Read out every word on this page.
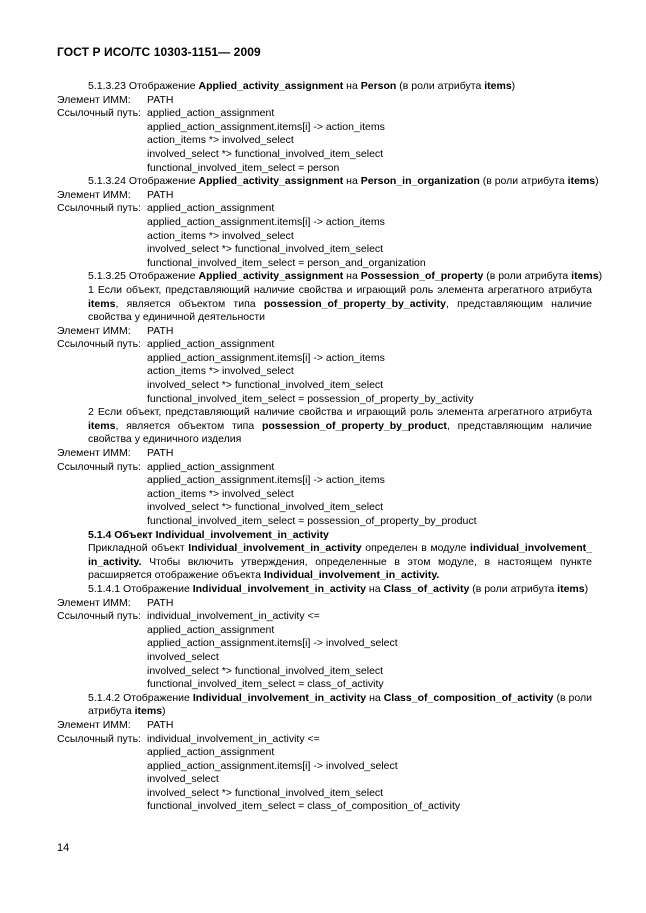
ГОСТ Р ИСО/ТС 10303-1151— 2009
5.1.3.23 Отображение Applied_activity_assignment на Person (в роли атрибута items)
Элемент ИММ: PATH
Ссылочный путь: applied_action_assignment
applied_action_assignment.items[i] -> action_items
action_items *> involved_select
involved_select *> functional_involved_item_select
functional_involved_item_select = person
5.1.3.24 Отображение Applied_activity_assignment на Person_in_organization (в роли атрибута items)
Элемент ИММ: PATH
Ссылочный путь: applied_action_assignment
applied_action_assignment.items[i] -> action_items
action_items *> involved_select
involved_select *> functional_involved_item_select
functional_involved_item_select = person_and_organization
5.1.3.25 Отображение Applied_activity_assignment на Possession_of_property (в роли атрибута items)
1 Если объект, представляющий наличие свойства и играющий роль элемента агрегатного атрибута items, является объектом типа possession_of_property_by_activity, представляющим наличие свойства у единичной деятельности
Элемент ИММ: PATH
Ссылочный путь: applied_action_assignment
applied_action_assignment.items[i] -> action_items
action_items *> involved_select
involved_select *> functional_involved_item_select
functional_involved_item_select = possession_of_property_by_activity
2 Если объект, представляющий наличие свойства и играющий роль элемента агрегатного атрибута items, является объектом типа possession_of_property_by_product, представляющим наличие свойства у единичного изделия
Элемент ИММ: PATH
Ссылочный путь: applied_action_assignment
applied_action_assignment.items[i] -> action_items
action_items *> involved_select
involved_select *> functional_involved_item_select
functional_involved_item_select = possession_of_property_by_product
5.1.4 Объект Individual_involvement_in_activity
Прикладной объект Individual_involvement_in_activity определен в модуле individual_involvement_ in_activity. Чтобы включить утверждения, определенные в этом модуле, в настоящем пункте расширяется отображение объекта Individual_involvement_in_activity.
5.1.4.1 Отображение Individual_involvement_in_activity на Class_of_activity (в роли атрибута items)
Элемент ИММ: PATH
Ссылочный путь: individual_involvement_in_activity <=
applied_action_assignment
applied_action_assignment.items[i] -> involved_select
involved_select
involved_select *> functional_involved_item_select
functional_involved_item_select = class_of_activity
5.1.4.2 Отображение Individual_involvement_in_activity на Class_of_composition_of_activity (в роли атрибута items)
Элемент ИММ: PATH
Ссылочный путь: individual_involvement_in_activity <=
applied_action_assignment
applied_action_assignment.items[i] -> involved_select
involved_select
involved_select *> functional_involved_item_select
functional_involved_item_select = class_of_composition_of_activity
14
